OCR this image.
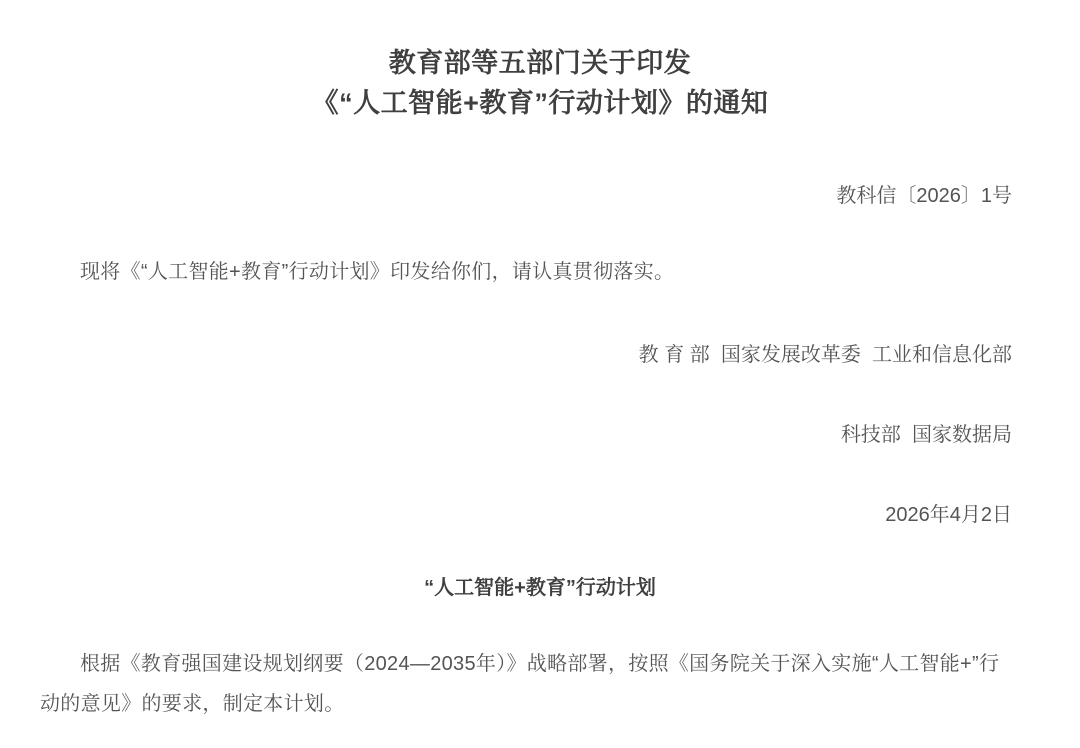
教育部等五部门关于印发
《“人工智能+教育”行动计划》的通知
教科信〔2026〕1号

现将《“人工智能+教育”行动计划》印发给你们，请认真贯彻落实。

教 育 部  国家发展改革委  工业和信息化部
科技部  国家数据局
2026年4月2日
“人工智能+教育”行动计划

根据《教育强国建设规划纲要（2024—2035年）》战略部署，按照《国务院关于深入实施“人工智能+”行动的意见》的要求，制定本计划。
